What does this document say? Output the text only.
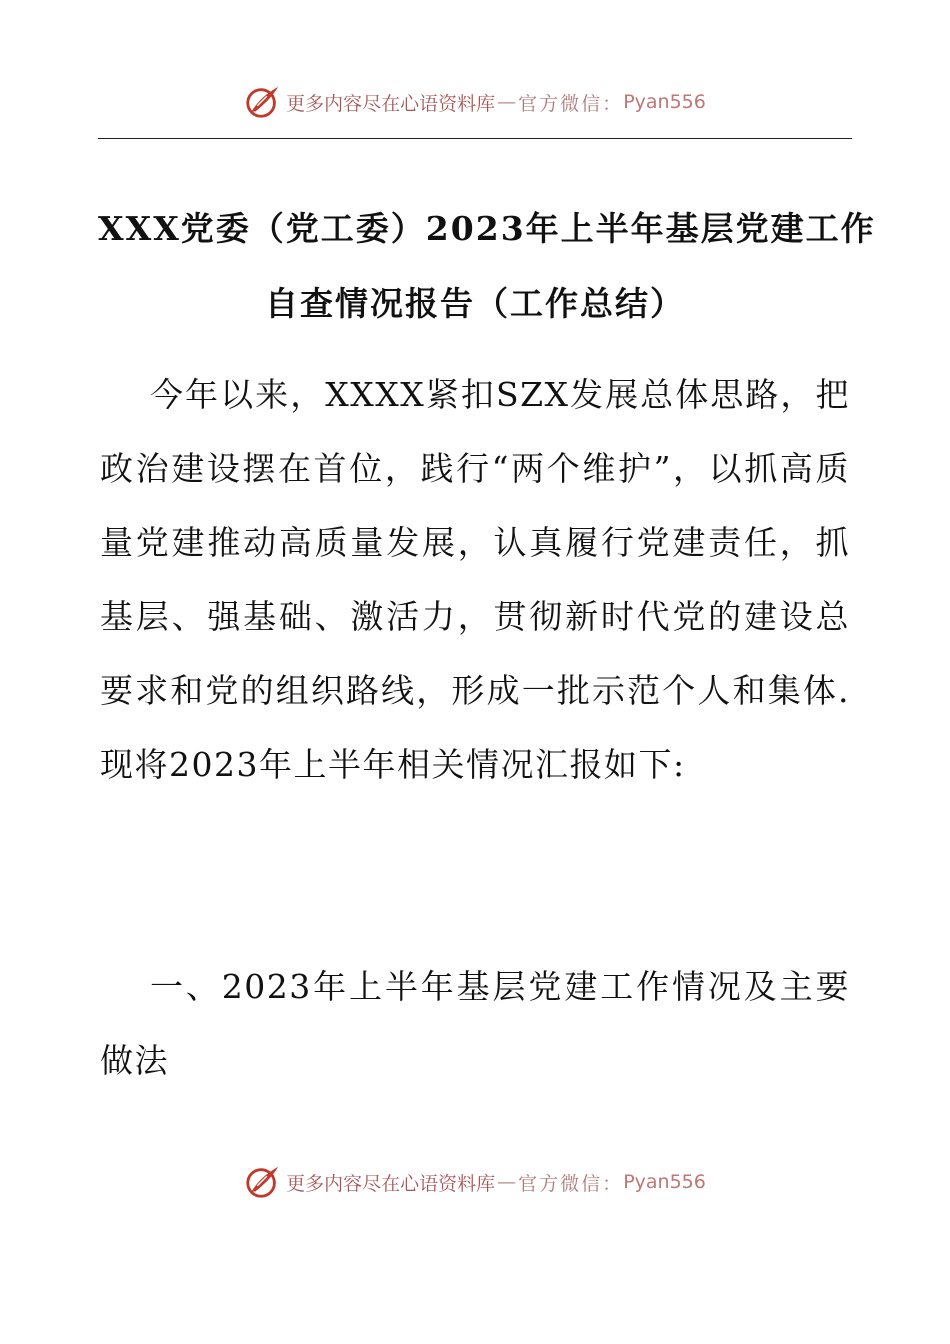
更多内容尽在心语资料库 — 官方微信： Pyan556
XXX党委（党工委）2023年上半年基层党建工作
自查情况报告（工作总结）
今年以来，XXXX紧扣SZX发展总体思路，把政治建设摆在首位，践行“两个维护”，以抓高质量党建推动高质量发展，认真履行党建责任，抓基层、强基础、激活力，贯彻新时代党的建设总要求和党的组织路线，形成一批示范个人和集体.现将2023年上半年相关情况汇报如下:
一、2023年上半年基层党建工作情况及主要做法
更多内容尽在心语资料库 — 官方微信： Pyan556
